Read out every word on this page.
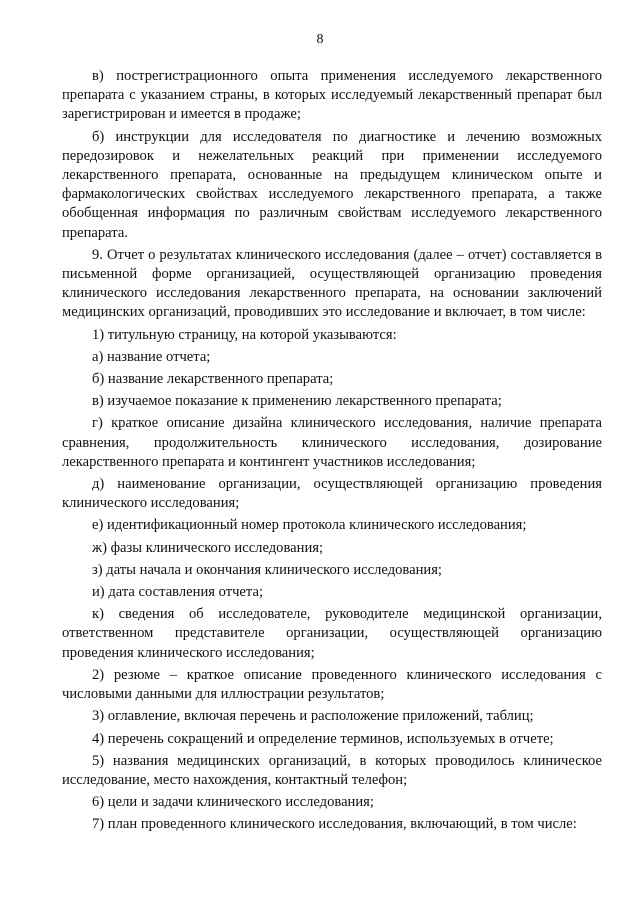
8

в) пострегистрационного опыта применения исследуемого лекарственного препарата с указанием страны, в которых исследуемый лекарственный препарат был зарегистрирован и имеется в продаже;

б) инструкции для исследователя по диагностике и лечению возможных передозировок и нежелательных реакций при применении исследуемого лекарственного препарата, основанные на предыдущем клиническом опыте и фармакологических свойствах исследуемого лекарственного препарата, а также обобщенная информация по различным свойствам исследуемого лекарственного препарата.

9. Отчет о результатах клинического исследования (далее – отчет) составляется в письменной форме организацией, осуществляющей организацию проведения клинического исследования лекарственного препарата, на основании заключений медицинских организаций, проводивших это исследование и включает, в том числе:

1) титульную страницу, на которой указываются:

а) название отчета;

б) название лекарственного препарата;

в) изучаемое показание к применению лекарственного препарата;

г) краткое описание дизайна клинического исследования, наличие препарата сравнения, продолжительность клинического исследования, дозирование лекарственного препарата и контингент участников исследования;

д) наименование организации, осуществляющей организацию проведения клинического исследования;

е) идентификационный номер протокола клинического исследования;

ж) фазы клинического исследования;

з) даты начала и окончания клинического исследования;

и) дата составления отчета;

к) сведения об исследователе, руководителе медицинской организации, ответственном представителе организации, осуществляющей организацию проведения клинического исследования;

2) резюме – краткое описание проведенного клинического исследования с числовыми данными для иллюстрации результатов;

3) оглавление, включая перечень и расположение приложений, таблиц;

4) перечень сокращений и определение терминов, используемых в отчете;

5) названия медицинских организаций, в которых проводилось клиническое исследование, место нахождения, контактный телефон;

6) цели и задачи клинического исследования;

7) план проведенного клинического исследования, включающий, в том числе:
